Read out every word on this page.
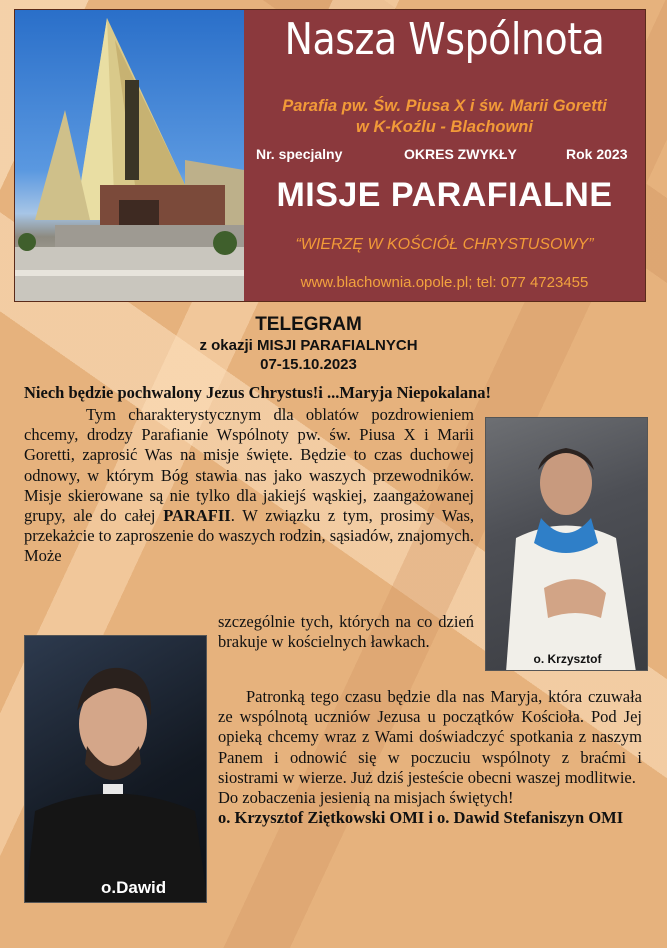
Nasza Wspólnota
Parafia pw. Św. Piusa X i św. Marii Goretti
w K-Koźlu - Blachowni
Nr. specjalny	OKRES ZWYKŁY	Rok 2023
MISJE PARAFIALNE
“WIERZĘ W KOŚCIÓŁ CHRYSTUSOWY”
www.blachownia.opole.pl; tel: 077 4723455
TELEGRAM
z okazji MISJI PARAFIALNYCH
07-15.10.2023
Niech będzie pochwalony Jezus Chrystus!i ...Maryja Niepokalana!
Tym charakterystycznym dla oblatów pozdrowieniem chcemy, drodzy Parafianie Wspólnoty pw. św. Piusa X i Marii Goretti, zaprosić Was na misje święte. Będzie to czas duchowej odnowy, w którym Bóg stawia nas jako waszych przewodników. Misje skierowane są nie tylko dla jakiejś wąskiej, zaangażowanej grupy, ale do całej PARAFII. W związku z tym, prosimy Was, przekażcie to zaproszenie do waszych rodzin, sąsiadów, znajomych. Może
szczególnie tych, których na co dzień brakuje w kościelnych ławkach.
Patronką tego czasu będzie dla nas Maryja, która czuwała ze wspólnotą uczniów Jezusa u początków Kościoła. Pod Jej opieką chcemy wraz z Wami doświadczyć spotkania z naszym Panem i odnowić się w poczuciu wspólnoty z braćmi i siostrami w wierze. Już dziś jesteście obecni waszej modlitwie.
Do zobaczenia jesienią na misjach świętych!
o. Krzysztof Ziętkowski OMI i o. Dawid Stefaniszyn OMI
o. Krzysztof
o.Dawid
